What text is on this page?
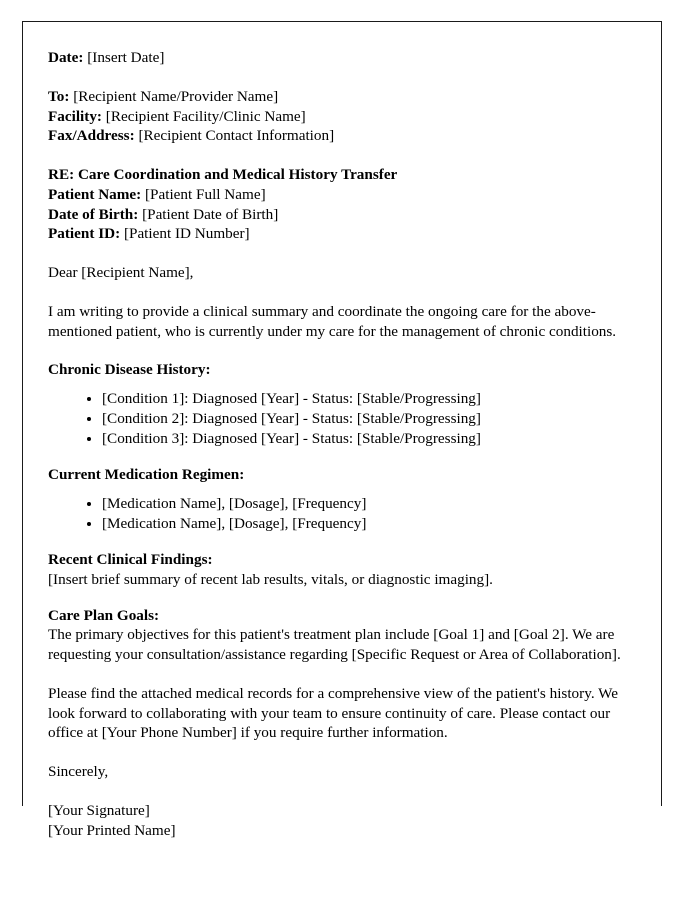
Date: [Insert Date]
To: [Recipient Name/Provider Name]
Facility: [Recipient Facility/Clinic Name]
Fax/Address: [Recipient Contact Information]
RE: Care Coordination and Medical History Transfer
Patient Name: [Patient Full Name]
Date of Birth: [Patient Date of Birth]
Patient ID: [Patient ID Number]
Dear [Recipient Name],

I am writing to provide a clinical summary and coordinate the ongoing care for the above-mentioned patient, who is currently under my care for the management of chronic conditions.

Chronic Disease History:
• [Condition 1]: Diagnosed [Year] - Status: [Stable/Progressing]
• [Condition 2]: Diagnosed [Year] - Status: [Stable/Progressing]
• [Condition 3]: Diagnosed [Year] - Status: [Stable/Progressing]
Current Medication Regimen:
• [Medication Name], [Dosage], [Frequency]
• [Medication Name], [Dosage], [Frequency]
Recent Clinical Findings:

[Insert brief summary of recent lab results, vitals, or diagnostic imaging].

Care Plan Goals:

The primary objectives for this patient's treatment plan include [Goal 1] and [Goal 2]. We are requesting your consultation/assistance regarding [Specific Request or Area of Collaboration].

Please find the attached medical records for a comprehensive view of the patient's history. We look forward to collaborating with your team to ensure continuity of care. Please contact our office at [Your Phone Number] if you require further information.

Sincerely,
[Your Signature]
[Your Printed Name]
